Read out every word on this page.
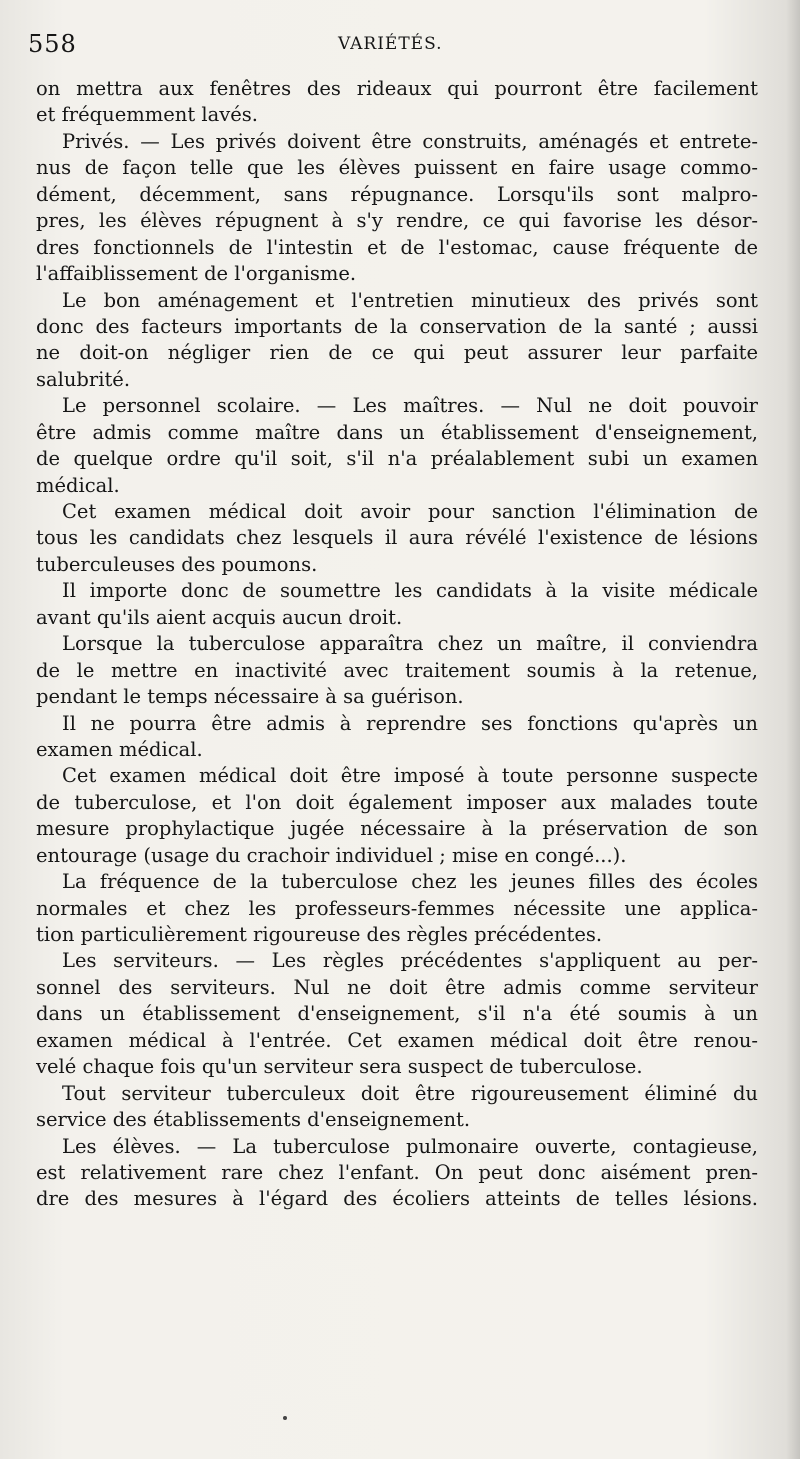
558	VARIÉTÉS.
on mettra aux fenêtres des rideaux qui pourront être facilement
et fréquemment lavés.
Privés. — Les privés doivent être construits, aménagés et entrete-
nus de façon telle que les élèves puissent en faire usage commo-
dément, décemment, sans répugnance. Lorsqu'ils sont malpro-
pres, les élèves répugnent à s'y rendre, ce qui favorise les désor-
dres fonctionnels de l'intestin et de l'estomac, cause fréquente de
l'affaiblissement de l'organisme.
Le bon aménagement et l'entretien minutieux des privés sont
donc des facteurs importants de la conservation de la santé ; aussi
ne doit-on négliger rien de ce qui peut assurer leur parfaite
salubrité.
Le personnel scolaire. — Les maîtres. — Nul ne doit pouvoir
être admis comme maître dans un établissement d'enseignement,
de quelque ordre qu'il soit, s'il n'a préalablement subi un examen
médical.
Cet examen médical doit avoir pour sanction l'élimination de
tous les candidats chez lesquels il aura révélé l'existence de lésions
tuberculeuses des poumons.
Il importe donc de soumettre les candidats à la visite médicale
avant qu'ils aient acquis aucun droit.
Lorsque la tuberculose apparaîtra chez un maître, il conviendra
de le mettre en inactivité avec traitement soumis à la retenue,
pendant le temps nécessaire à sa guérison.
Il ne pourra être admis à reprendre ses fonctions qu'après un
examen médical.
Cet examen médical doit être imposé à toute personne suspecte
de tuberculose, et l'on doit également imposer aux malades toute
mesure prophylactique jugée nécessaire à la préservation de son
entourage (usage du crachoir individuel ; mise en congé...).
La fréquence de la tuberculose chez les jeunes filles des écoles
normales et chez les professeurs-femmes nécessite une applica-
tion particulièrement rigoureuse des règles précédentes.
Les serviteurs. — Les règles précédentes s'appliquent au per-
sonnel des serviteurs. Nul ne doit être admis comme serviteur
dans un établissement d'enseignement, s'il n'a été soumis à un
examen médical à l'entrée. Cet examen médical doit être renou-
velé chaque fois qu'un serviteur sera suspect de tuberculose.
Tout serviteur tuberculeux doit être rigoureusement éliminé du
service des établissements d'enseignement.
Les élèves. — La tuberculose pulmonaire ouverte, contagieuse,
est relativement rare chez l'enfant. On peut donc aisément pren-
dre des mesures à l'égard des écoliers atteints de telles lésions.
